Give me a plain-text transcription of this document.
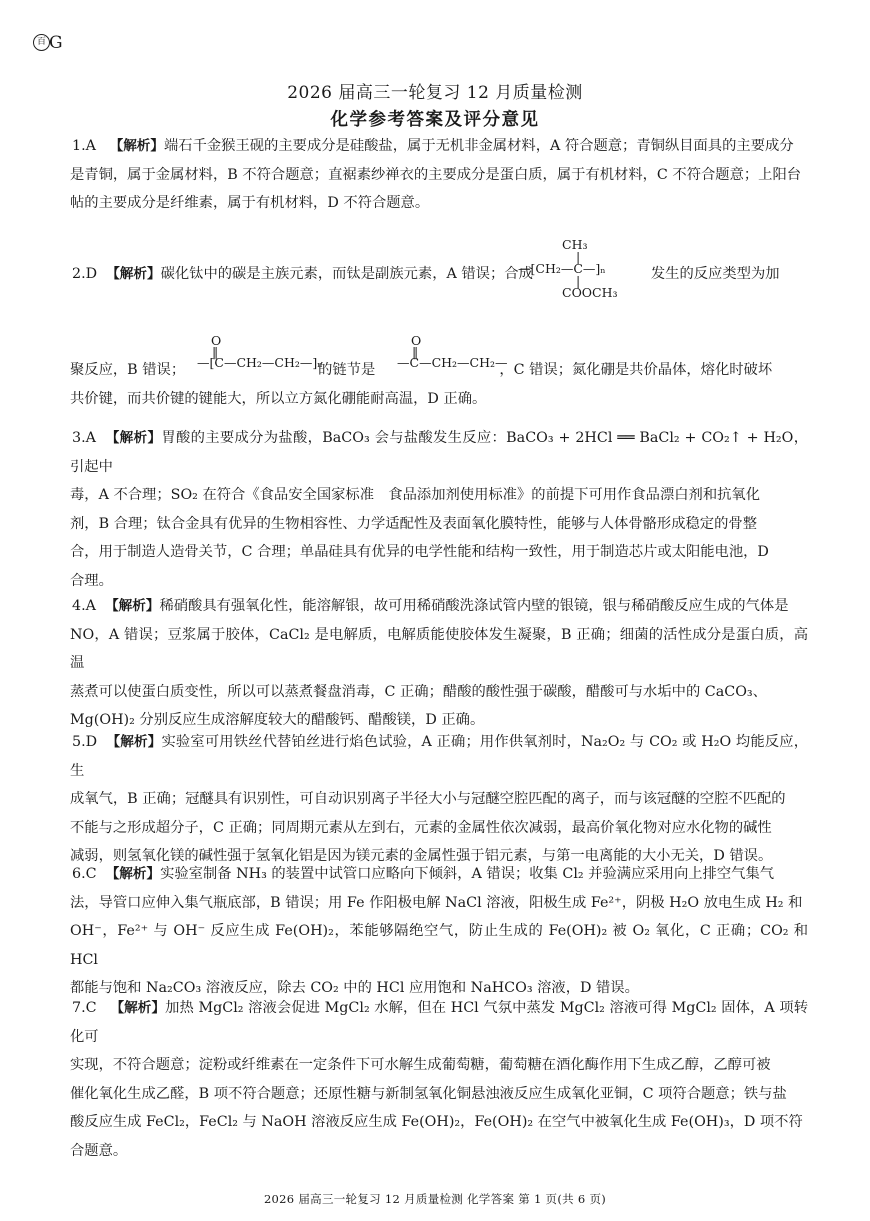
百 G
2026 届高三一轮复习 12 月质量检测
化学参考答案及评分意见
1.A 【解析】端石千金猴王砚的主要成分是硅酸盐，属于无机非金属材料，A 符合题意；青铜纵目面具的主要成分
是青铜，属于金属材料，B 不符合题意；直裾素纱禅衣的主要成分是蛋白质，属于有机材料，C 不符合题意；上阳台
帖的主要成分是纤维素，属于有机材料，D 不符合题意。
2.D 【解析】碳化钛中的碳是主族元素，而钛是副族元素，A 错误；合成	发生的反应类型为加
CH₃
|
—[CH₂—C—]ₙ
|
COOCH₃
聚反应，B 错误；	的链节是	，C 错误；氮化硼是共价晶体，熔化时破坏
共价键，而共价键的键能大，所以立方氮化硼能耐高温，D 正确。
O
‖
—[C—CH₂—CH₂—]ₙ
O
‖
—C—CH₂—CH₂—
3.A 【解析】胃酸的主要成分为盐酸，BaCO₃ 会与盐酸发生反应：BaCO₃ + 2HCl ══ BaCl₂ + CO₂↑ + H₂O，引起中
毒，A 不合理；SO₂ 在符合《食品安全国家标准　食品添加剂使用标准》的前提下可用作食品漂白剂和抗氧化
剂，B 合理；钛合金具有优异的生物相容性、力学适配性及表面氧化膜特性，能够与人体骨骼形成稳定的骨整
合，用于制造人造骨关节，C 合理；单晶硅具有优异的电学性能和结构一致性，用于制造芯片或太阳能电池，D
合理。
4.A 【解析】稀硝酸具有强氧化性，能溶解银，故可用稀硝酸洗涤试管内壁的银镜，银与稀硝酸反应生成的气体是
NO，A 错误；豆浆属于胶体，CaCl₂ 是电解质，电解质能使胶体发生凝聚，B 正确；细菌的活性成分是蛋白质，高温
蒸煮可以使蛋白质变性，所以可以蒸煮餐盘消毒，C 正确；醋酸的酸性强于碳酸，醋酸可与水垢中的 CaCO₃、
Mg(OH)₂ 分别反应生成溶解度较大的醋酸钙、醋酸镁，D 正确。
5.D 【解析】实验室可用铁丝代替铂丝进行焰色试验，A 正确；用作供氧剂时，Na₂O₂ 与 CO₂ 或 H₂O 均能反应，生
成氧气，B 正确；冠醚具有识别性，可自动识别离子半径大小与冠醚空腔匹配的离子，而与该冠醚的空腔不匹配的
不能与之形成超分子，C 正确；同周期元素从左到右，元素的金属性依次减弱，最高价氧化物对应水化物的碱性
减弱，则氢氧化镁的碱性强于氢氧化铝是因为镁元素的金属性强于铝元素，与第一电离能的大小无关，D 错误。
6.C 【解析】实验室制备 NH₃ 的装置中试管口应略向下倾斜，A 错误；收集 Cl₂ 并验满应采用向上排空气集气
法，导管口应伸入集气瓶底部，B 错误；用 Fe 作阳极电解 NaCl 溶液，阳极生成 Fe²⁺，阴极 H₂O 放电生成 H₂ 和
OH⁻，Fe²⁺ 与 OH⁻ 反应生成 Fe(OH)₂，苯能够隔绝空气，防止生成的 Fe(OH)₂ 被 O₂ 氧化，C 正确；CO₂ 和 HCl
都能与饱和 Na₂CO₃ 溶液反应，除去 CO₂ 中的 HCl 应用饱和 NaHCO₃ 溶液，D 错误。
7.C 【解析】加热 MgCl₂ 溶液会促进 MgCl₂ 水解，但在 HCl 气氛中蒸发 MgCl₂ 溶液可得 MgCl₂ 固体，A 项转化可
实现，不符合题意；淀粉或纤维素在一定条件下可水解生成葡萄糖，葡萄糖在酒化酶作用下生成乙醇，乙醇可被
催化氧化生成乙醛，B 项不符合题意；还原性糖与新制氢氧化铜悬浊液反应生成氧化亚铜，C 项符合题意；铁与盐
酸反应生成 FeCl₂，FeCl₂ 与 NaOH 溶液反应生成 Fe(OH)₂，Fe(OH)₂ 在空气中被氧化生成 Fe(OH)₃，D 项不符
合题意。
2026 届高三一轮复习 12 月质量检测 化学答案 第 1 页(共 6 页)
